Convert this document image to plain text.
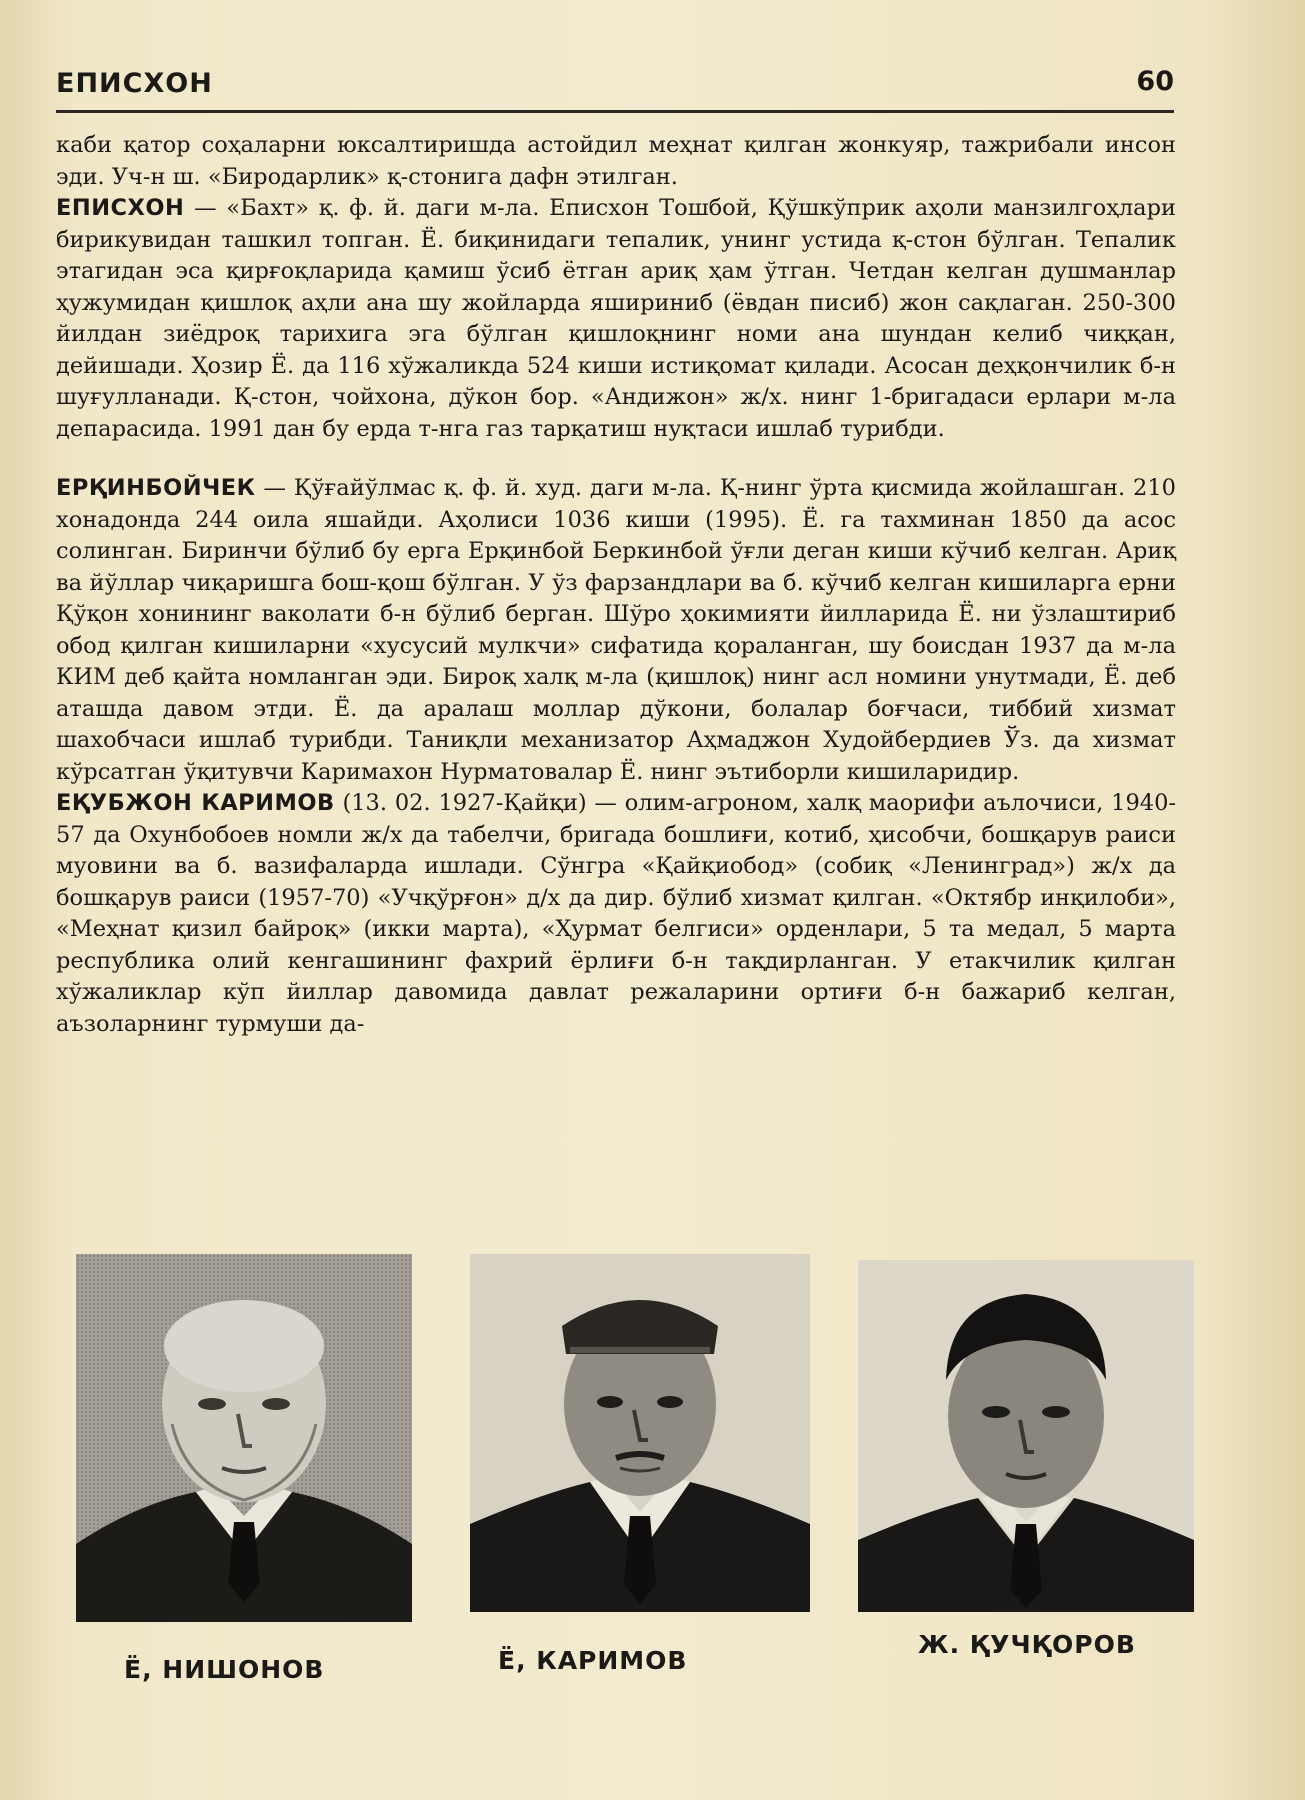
ЕПИСХОН	60

каби қатор соҳаларни юксалтиришда астойдил меҳнат қилган жонкуяр, тажрибали инсон эди. Уч-н ш. «Биродарлик» қ-стонига дафн этилган.

ЕПИСХОН — «Бахт» қ. ф. й. даги м-ла. Еписхон Тошбой, Қўшкўприк аҳоли манзилгоҳлари бирикувидан ташкил топган. Ё. биқинидаги тепалик, унинг устида қ-стон бўлган. Тепалик этагидан эса қирғоқларида қамиш ўсиб ётган ариқ ҳам ўтган. Четдан келган душманлар ҳужумидан қишлоқ аҳли ана шу жойларда яшириниб (ёвдан писиб) жон сақлаган. 250-300 йилдан зиёдроқ тарихига эга бўлган қишлоқнинг номи ана шундан келиб чиққан, дейишади. Ҳозир Ё. да 116 хўжаликда 524 киши истиқомат қилади. Асосан деҳқончилик б-н шуғулланади. Қ-стон, чойхона, дўкон бор. «Андижон» ж/х. нинг 1-бригадаси ерлари м-ла депарасида. 1991 дан бу ерда т-нга газ тарқатиш нуқтаси ишлаб турибди.

ЕРҚИНБОЙЧЕК — Қўғайўлмас қ. ф. й. худ. даги м-ла. Қ-нинг ўрта қисмида жойлашган. 210 хонадонда 244 оила яшайди. Аҳолиси 1036 киши (1995). Ё. га тахминан 1850 да асос солинган. Биринчи бўлиб бу ерга Ерқинбой Беркинбой ўғли деган киши кўчиб келган. Ариқ ва йўллар чиқаришга бош-қош бўлган. У ўз фарзандлари ва б. кўчиб келган кишиларга ерни Қўқон хонининг ваколати б-н бўлиб берган. Шўро ҳокимияти йилларида Ё. ни ўзлаштириб обод қилган кишиларни «хусусий мулкчи» сифатида қораланган, шу боисдан 1937 да м-ла КИМ деб қайта номланган эди. Бироқ халқ м-ла (қишлоқ) нинг асл номини унутмади, Ё. деб аташда давом этди. Ё. да аралаш моллар дўкони, болалар боғчаси, тиббий хизмат шахобчаси ишлаб турибди. Таниқли механизатор Аҳмаджон Худойбердиев Ўз. да хизмат кўрсатган ўқитувчи Каримахон Нурматовалар Ё. нинг эътиборли кишиларидир.

ЕҚУБЖОН КАРИМОВ (13. 02. 1927-Қайқи) — олим-агроном, халқ маорифи аълочиси, 1940-57 да Охунбобоев номли ж/х да табелчи, бригада бошлиғи, котиб, ҳисобчи, бошқарув раиси муовини ва б. вазифаларда ишлади. Сўнгра «Қайқиобод» (собиқ «Ленинград») ж/х да бошқарув раиси (1957-70) «Учқўрғон» д/х да дир. бўлиб хизмат қилган. «Октябр инқилоби», «Меҳнат қизил байроқ» (икки марта), «Ҳурмат белгиси» орденлари, 5 та медал, 5 марта республика олий кенгашининг фахрий ёрлиғи б-н тақдирланган. У етакчилик қилган хўжаликлар кўп йиллар давомида давлат режаларини ортиғи б-н бажариб келган, аъзоларнинг турмуши да-

Ё, НИШОНОВ	Ё, КАРИМОВ
Ж. ҚУЧҚОРОВ
